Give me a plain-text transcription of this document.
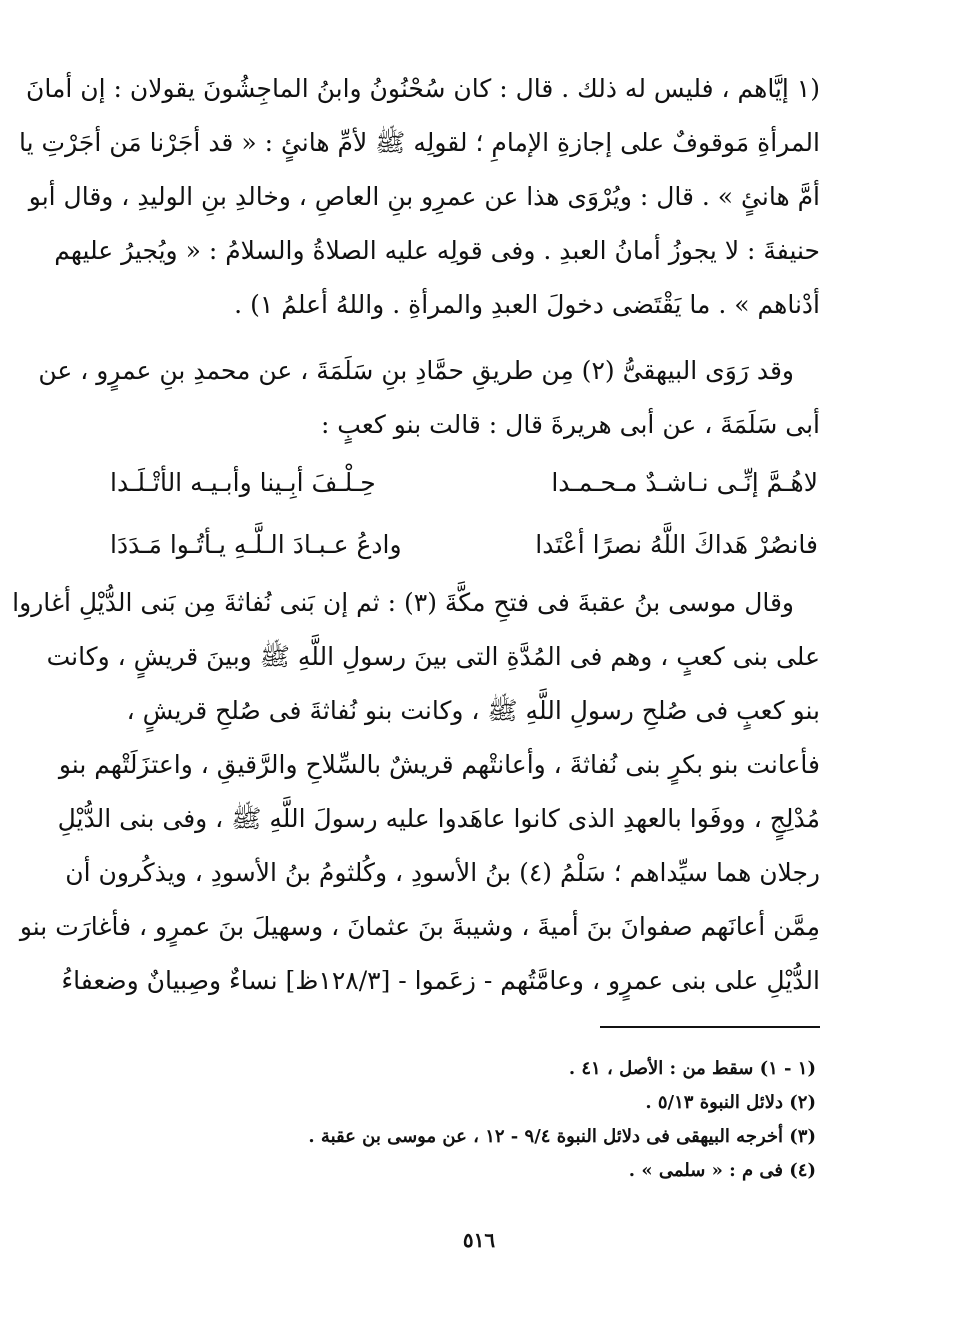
(١ إيَّاهم ، فليس له ذلك . قال : كان سُحْنُونُ وابنُ الماجِشُونَ يقولان : إن أمانَ
المرأةِ مَوقوفٌ على إجازةِ الإمامِ ؛ لقولِه ﷺ لأمِّ هانئٍ : « قد أجَرْنا مَن أجَرْتِ يا
أمَّ هانئٍ » . قال : ويُرْوَى هذا عن عمرِو بنِ العاصِ ، وخالدِ بنِ الوليدِ ، وقال أبو
حنيفةَ : لا يجوزُ أمانُ العبدِ . وفى قولِه عليه الصلاةُ والسلامُ : « ويُجيرُ عليهم
أدْناهم » . ما يَقْتَضى دخولَ العبدِ والمرأةِ . واللهُ أعلمُ ١) .
وقد رَوَى البيهقىُّ (٢) مِن طريقِ حمَّادِ بنِ سَلَمَةَ ، عن محمدِ بنِ عمرٍو ، عن
أبى سَلَمَةَ ، عن أبى هريرةَ قال : قالت بنو كعبٍ :
لاهُـمَّ إنِّـى نـاشـدٌ مـحـمـدا
حِـلْـفَ أبِـينا وأبـيـه الأتْـلَـدا
فانصُرْ هَداكَ اللَّهُ نصرًا أعْتَدا
وادعُ عـبـادَ الـلَّـهِ يـأتُـوا مَـدَدَا
وقال موسى بنُ عقبةَ فى فتحِ مكَّةَ (٣) : ثم إن بَنى نُفاثةَ مِن بَنى الدُّيْلِ أغاروا
على بنى كعبٍ ، وهم فى المُدَّةِ التى بينَ رسولِ اللَّهِ ﷺ وبينَ قريشٍ ، وكانت
بنو كعبٍ فى صُلحِ رسولِ اللَّهِ ﷺ ، وكانت بنو نُفاثةَ فى صُلحِ قريشٍ ،
فأعانت بنو بكرٍ بنى نُفاثةَ ، وأعانتْهم قريشٌ بالسِّلاحِ والرَّقيقِ ، واعتزَلَتْهم بنو
مُدْلِجٍ ، ووفَوا بالعهدِ الذى كانوا عاهَدوا عليه رسولَ اللَّهِ ﷺ ، وفى بنى الدُّيْلِ
رجلان هما سيِّداهم ؛ سَلْمُ (٤) بنُ الأسودِ ، وكُلثومُ بنُ الأسودِ ، ويذكُرون أن
مِمَّن أعانَهم صفوانَ بنَ أميةَ ، وشيبةَ بنَ عثمانَ ، وسهيلَ بنَ عمرٍو ، فأغارَت بنو
الدُّيْلِ على بنى عمرٍو ، وعامَّتُهم - زعَموا - [١٢٨/٣ظ] نساءٌ وصِبيانٌ وضعفاءُ
(١ - ١) سقط من : الأصل ، ٤١ .
(٢) دلائل النبوة ٥/١٣ .
(٣) أخرجه البيهقى فى دلائل النبوة ٩/٤ - ١٢ ، عن موسى بن عقبة .
(٤) فى م : « سلمى » .
٥١٦
